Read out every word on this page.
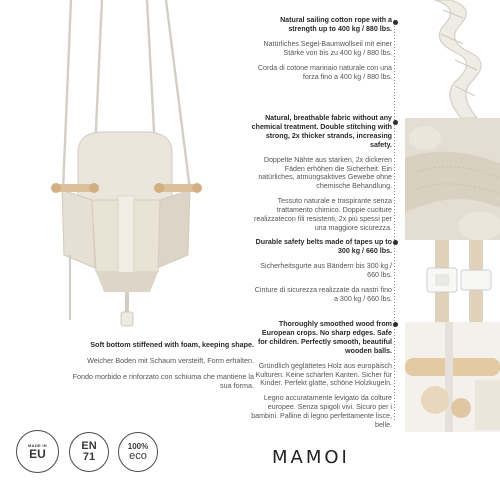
Soft bottom stiffened with foam, keeping shape.
Weicher Boden mit Schaum versteift, Form erhalten.
Fondo morbido e rinforzato con schiuma che mantiene la sua forma.
Natural sailing cotton rope with a strength up to 400 kg / 880 lbs.
Natürliches Segel-Baumwollseil mit einer Stärke von bis zu 400 kg / 880 lbs.
Corda di cotone marinaio naturale con una forza fino a 400 kg / 880 lbs.
Natural, breathable fabric without any chemical treatment. Double stitching with strong, 2x thicker strands, increasing safety.
Doppelte Nähte aus starken, 2x dickeren Fäden erhöhen die Sicherheit. Ein natürliches, atmungsaktives Gewebe ohne chemische Behandlung.
Tessuto naturale e traspirante senza trattamento chimico. Doppie cuciture realizzatecon fili resistenti, 2x più spessi per una maggiore sicurezza.
Durable safety belts made of tapes up to 300 kg / 660 lbs.
Sicherheitsgurte aus Bändern bis 300 kg / 660 lbs.
Cinture di sicurezza realizzate da nastri fino a 300 kg / 660 lbs.
Thoroughly smoothed wood from European crops. No sharp edges. Safe for children. Perfectly smooth, beautiful wooden balls.
Gründlich geglättetes Holz aus europäisch Kulturen. Keine scharfen Kanten. Sicher für Kinder. Perfekt glatte, schöne Holzkugeln.
Legno accuratamente levigato da colture europee. Senza spigoli vivi. Sicuro per i bambini. Palline di legno perfettamente lisce, belle.
MADE IN
EU
EN
71
100%
eco	MAMOI
